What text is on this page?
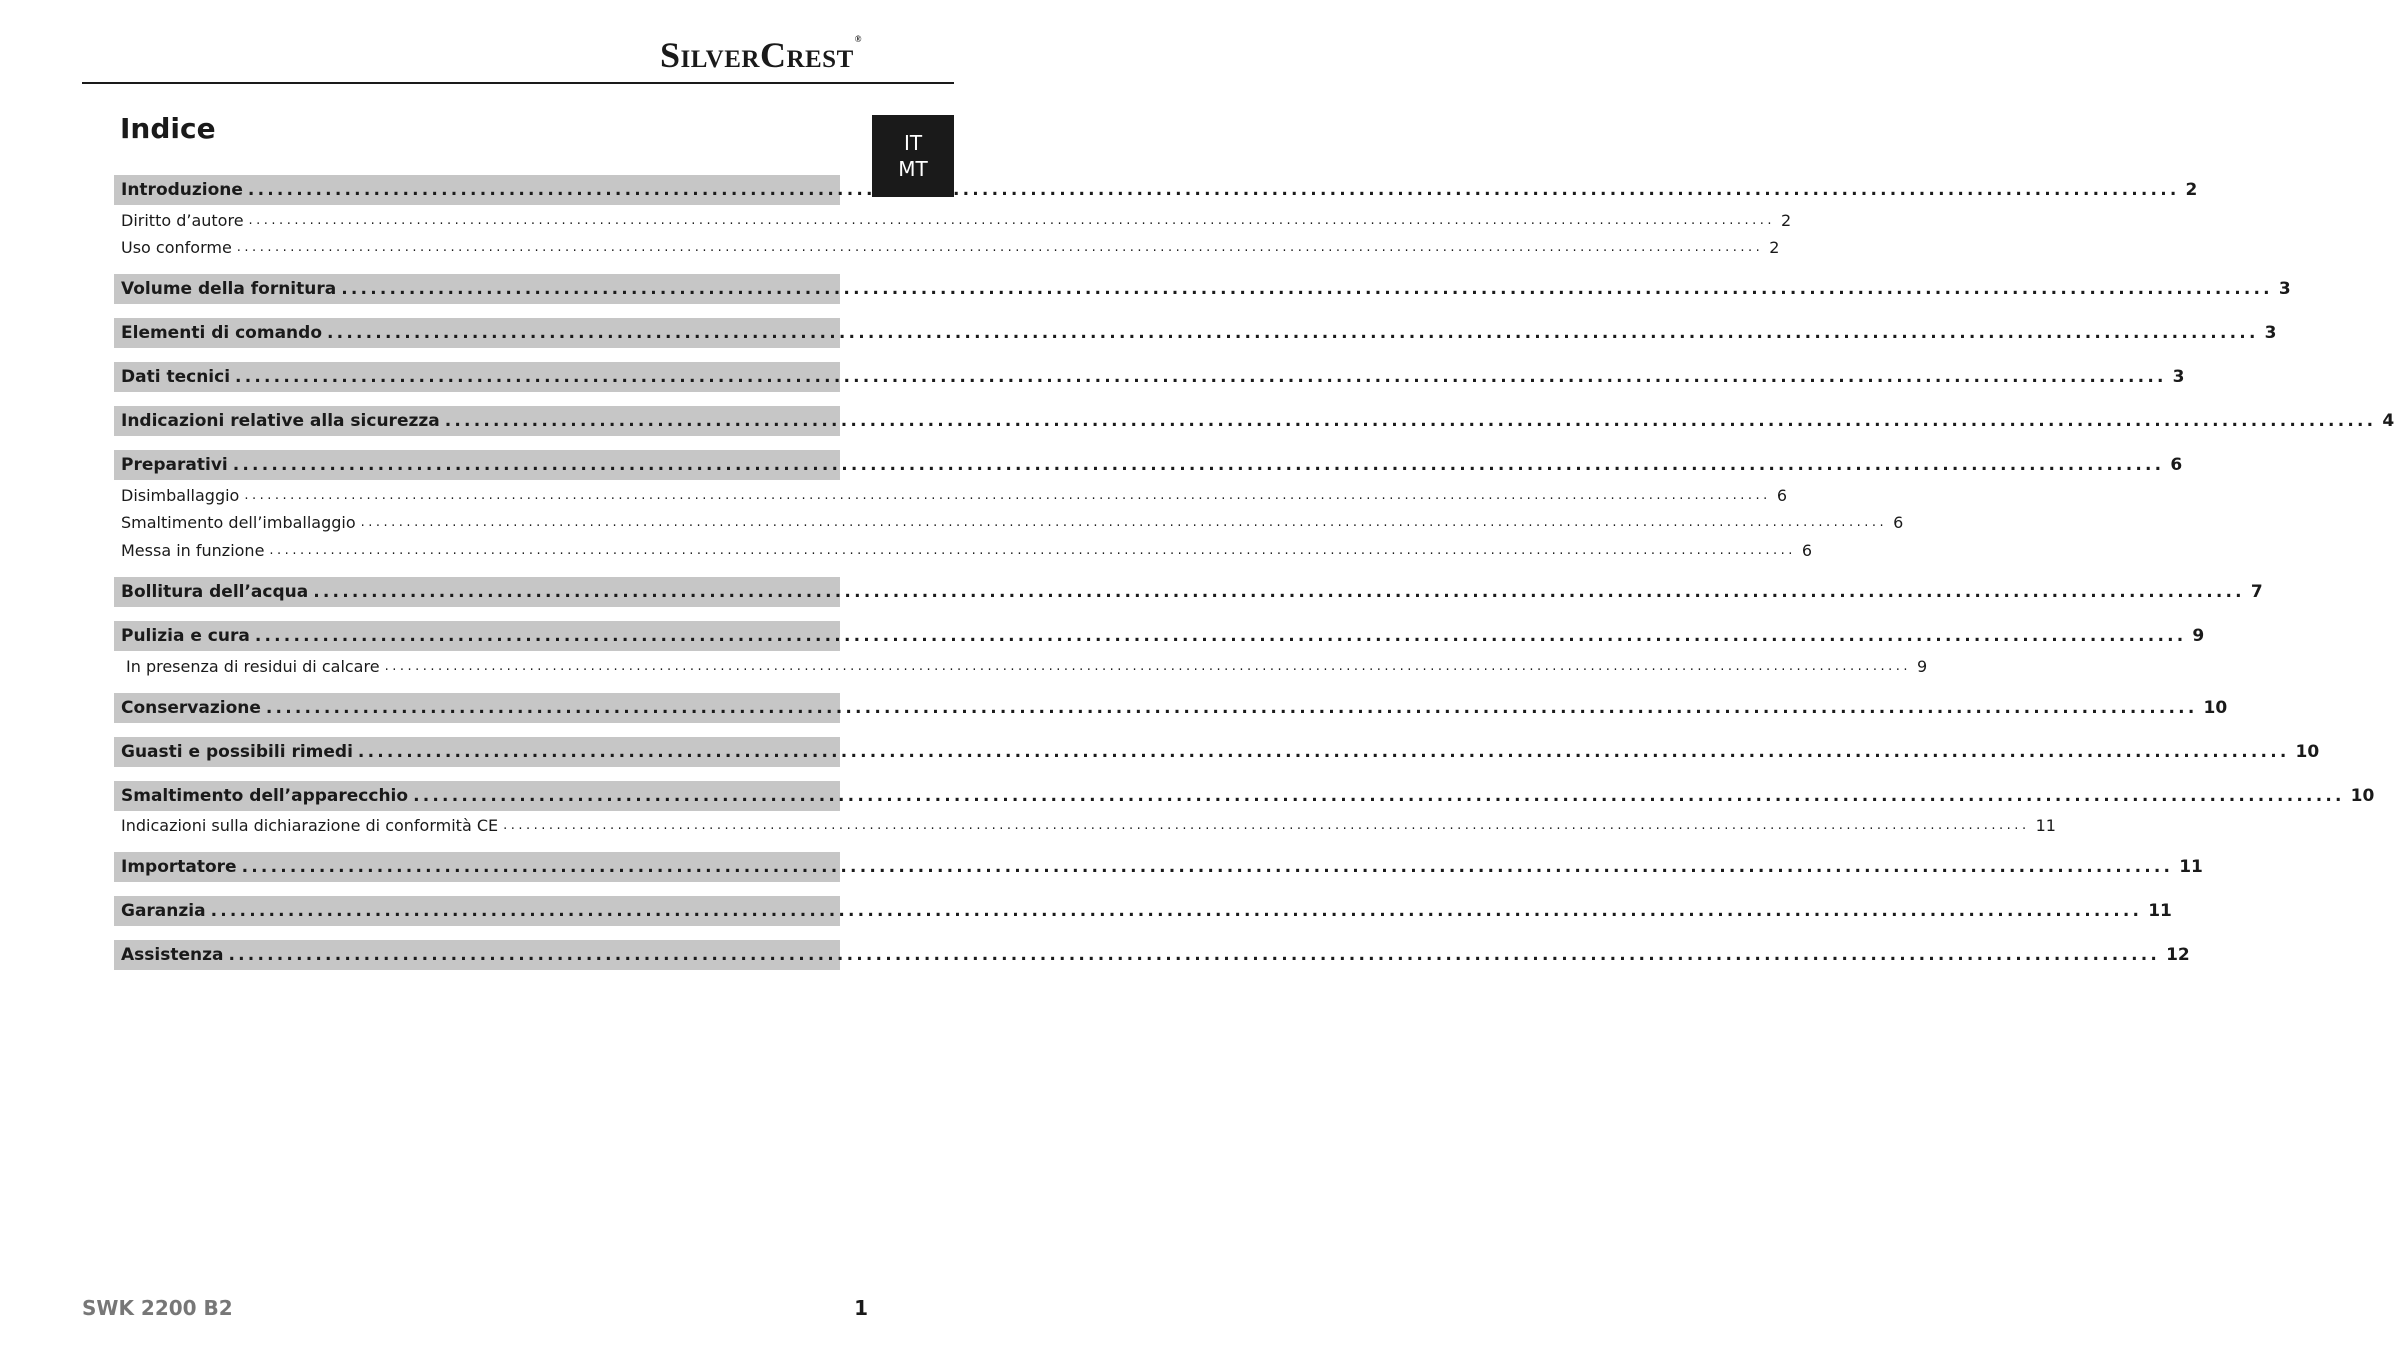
SilverCrest®
IT
MT
Indice
Introduzione ........................................................................................................................................................................................................ 2
Diritto d’autore ........................................................................................................................................................................................................ 2
Uso conforme ........................................................................................................................................................................................................ 2
Volume della fornitura ........................................................................................................................................................................................................ 3
Elementi di comando ........................................................................................................................................................................................................ 3
Dati tecnici ........................................................................................................................................................................................................ 3
Indicazioni relative alla sicurezza ........................................................................................................................................................................................................ 4
Preparativi ........................................................................................................................................................................................................ 6
Disimballaggio ........................................................................................................................................................................................................ 6
Smaltimento dell’imballaggio ........................................................................................................................................................................................................ 6
Messa in funzione ........................................................................................................................................................................................................ 6
Bollitura dell’acqua ........................................................................................................................................................................................................ 7
Pulizia e cura ........................................................................................................................................................................................................ 9
In presenza di residui di calcare ........................................................................................................................................................................................................ 9
Conservazione ........................................................................................................................................................................................................ 10
Guasti e possibili rimedi ........................................................................................................................................................................................................ 10
Smaltimento dell’apparecchio ........................................................................................................................................................................................................ 10
Indicazioni sulla dichiarazione di conformità CE ........................................................................................................................................................................................................ 11
Importatore ........................................................................................................................................................................................................ 11
Garanzia ........................................................................................................................................................................................................ 11
Assistenza ........................................................................................................................................................................................................ 12
SWK 2200 B2	1
